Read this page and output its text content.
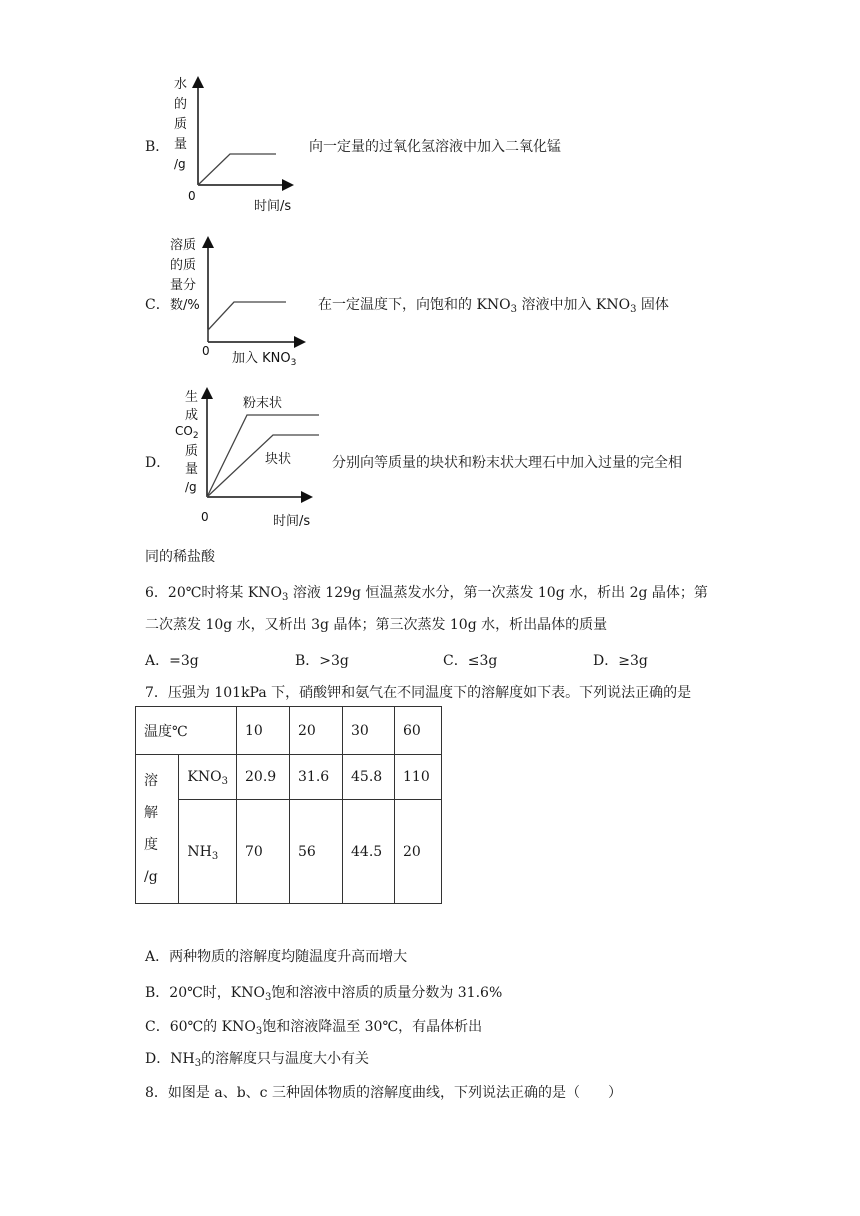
B．
水
的
质
量
/g
0
时间/s
向一定量的过氧化氢溶液中加入二氧化锰
C．
溶质
的质
量分
数/%
0 加入 $KNO_3$
在一定温度下，向饱和的 $KNO_3$ 溶液中加入 $KNO_3$ 固体
D．
生
成
$CO_2$
质
量
/g
0	时间/s
粉末状
块状	分别向等质量的块状和粉末状大理石中加入过量的完全相
同的稀盐酸
6．20℃时将某 $KNO_3$ 溶液 129g 恒温蒸发水分，第一次蒸发 10g 水，析出 2g 晶体；第
二次蒸发 10g 水，又析出 3g 晶体；第三次蒸发 10g 水，析出晶体的质量
A．=3g	B．>3g	C．≤3g	D．≥3g
7．压强为 101kPa 下，硝酸钾和氨气在不同温度下的溶解度如下表。下列说法正确的是
温度℃		10	20	30	60

溶
解
度
/g	$KNO_3$	20.9	31.6	45.8	110
	$NH_3$	70	56	44.5	20
A．两种物质的溶解度均随温度升高而增大
B．20℃时，$KNO_3$饱和溶液中溶质的质量分数为 31.6%
C．60℃的 $KNO_3$饱和溶液降温至 30℃，有晶体析出
D．$NH_3$的溶解度只与温度大小有关
8．如图是 a、b、c 三种固体物质的溶解度曲线，下列说法正确的是（　　）
